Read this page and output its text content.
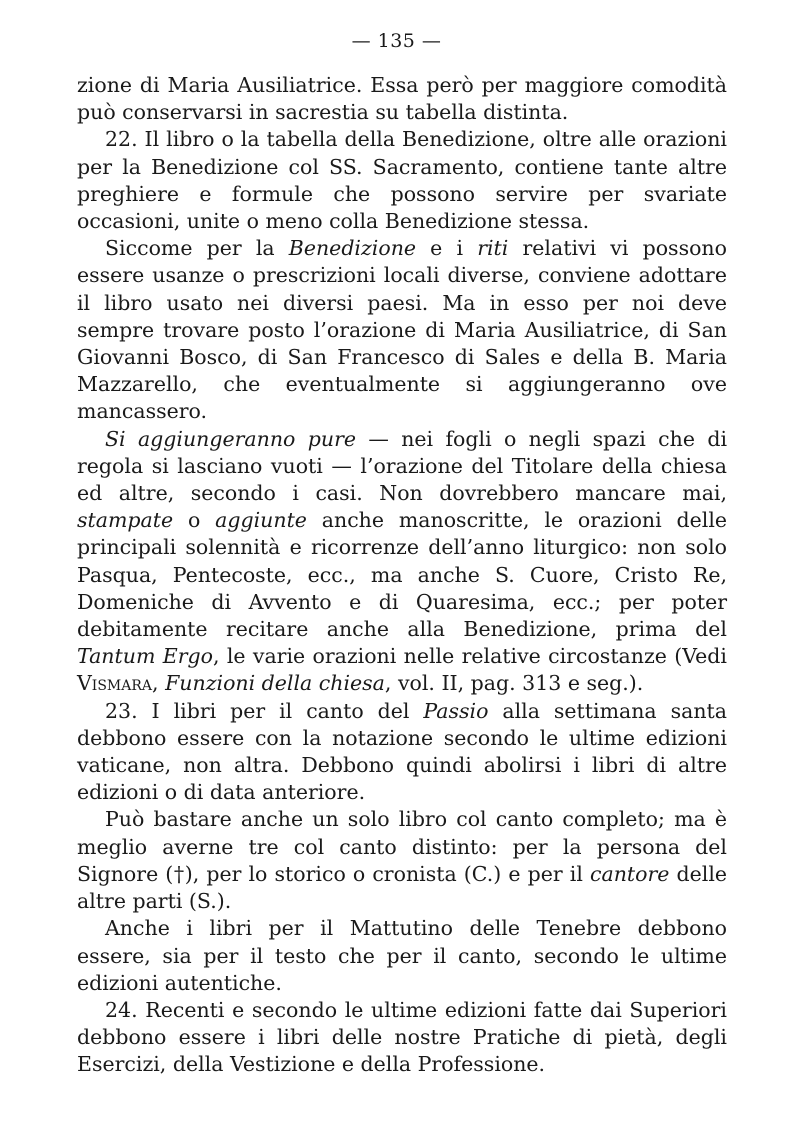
— 135 —

zione di Maria Ausiliatrice. Essa però per maggiore comodità può conservarsi in sacrestia su tabella distinta.

22. Il libro o la tabella della Benedizione, oltre alle orazioni per la Benedizione col SS. Sacramento, contiene tante altre preghiere e formule che possono servire per svariate occasioni, unite o meno colla Benedizione stessa.

Siccome per la Benedizione e i riti relativi vi possono essere usanze o prescrizioni locali diverse, conviene adottare il libro usato nei diversi paesi. Ma in esso per noi deve sempre trovare posto l’orazione di Maria Ausiliatrice, di San Giovanni Bosco, di San Francesco di Sales e della B. Maria Mazzarello, che eventualmente si aggiungeranno ove mancassero.

Si aggiungeranno pure — nei fogli o negli spazi che di regola si lasciano vuoti — l’orazione del Titolare della chiesa ed altre, secondo i casi. Non dovrebbero mancare mai, stampate o aggiunte anche manoscritte, le orazioni delle principali solennità e ricorrenze dell’anno liturgico: non solo Pasqua, Pentecoste, ecc., ma anche S. Cuore, Cristo Re, Domeniche di Avvento e di Quaresima, ecc.; per poter debitamente recitare anche alla Benedizione, prima del Tantum Ergo, le varie orazioni nelle relative circostanze (Vedi Vismara, Funzioni della chiesa, vol. II, pag. 313 e seg.).

23. I libri per il canto del Passio alla settimana santa debbono essere con la notazione secondo le ultime edizioni vaticane, non altra. Debbono quindi abolirsi i libri di altre edizioni o di data anteriore.

Può bastare anche un solo libro col canto completo; ma è meglio averne tre col canto distinto: per la persona del Signore (†), per lo storico o cronista (C.) e per il cantore delle altre parti (S.).

Anche i libri per il Mattutino delle Tenebre debbono essere, sia per il testo che per il canto, secondo le ultime edizioni autentiche.

24. Recenti e secondo le ultime edizioni fatte dai Superiori debbono essere i libri delle nostre Pratiche di pietà, degli Esercizi, della Vestizione e della Professione.
